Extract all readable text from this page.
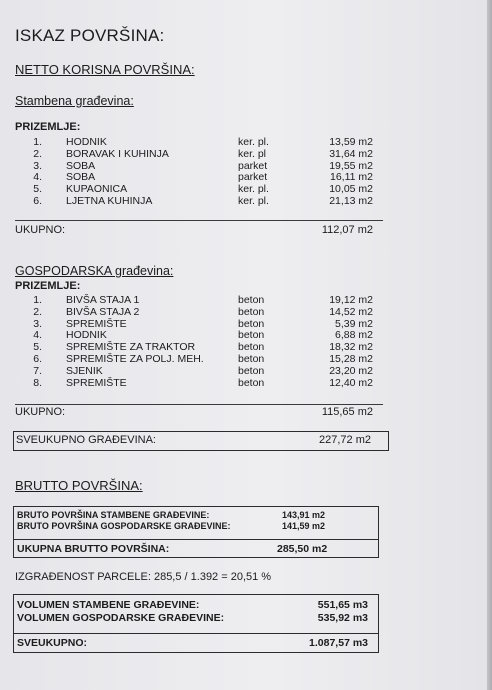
ISKAZ POVRŠINA:
NETTO KORISNA POVRŠINA:
Stambena građevina:
PRIZEMLJE:
1. HODNIK	ker. pl.	13,59 m2
2. BORAVAK I KUHINJA	ker. pl	31,64 m2
3. SOBA	parket	19,55 m2
4. SOBA	parket	16,11 m2
5. KUPAONICA	ker. pl.	10,05 m2
6. LJETNA KUHINJA	ker. pl.	21,13 m2
UKUPNO:	112,07 m2
GOSPODARSKA građevina:
PRIZEMLJE:
1. BIVŠA STAJA 1	beton	19,12 m2
2. BIVŠA STAJA 2	beton	14,52 m2
3. SPREMIŠTE	beton	5,39 m2
4. HODNIK	beton	6,88 m2
5. SPREMIŠTE ZA TRAKTOR	beton	18,32 m2
6. SPREMIŠTE ZA POLJ. MEH.	beton	15,28 m2
7. SJENIK	beton	23,20 m2
8. SPREMIŠTE	beton	12,40 m2
UKUPNO:	115,65 m2
SVEUKUPNO GRAĐEVINA:	227,72 m2
BRUTTO POVRŠINA:
BRUTO POVRŠINA STAMBENE GRAĐEVINE:	143,91 m2
BRUTO POVRŠINA GOSPODARSKE GRAĐEVINE:	141,59 m2
UKUPNA BRUTTO POVRŠINA:	285,50 m2
IZGRAĐENOST PARCELE: 285,5 / 1.392 = 20,51 %
VOLUMEN STAMBENE GRAĐEVINE:	551,65 m3
VOLUMEN GOSPODARSKE GRAĐEVINE:	535,92 m3
SVEUKUPNO:	1.087,57 m3
